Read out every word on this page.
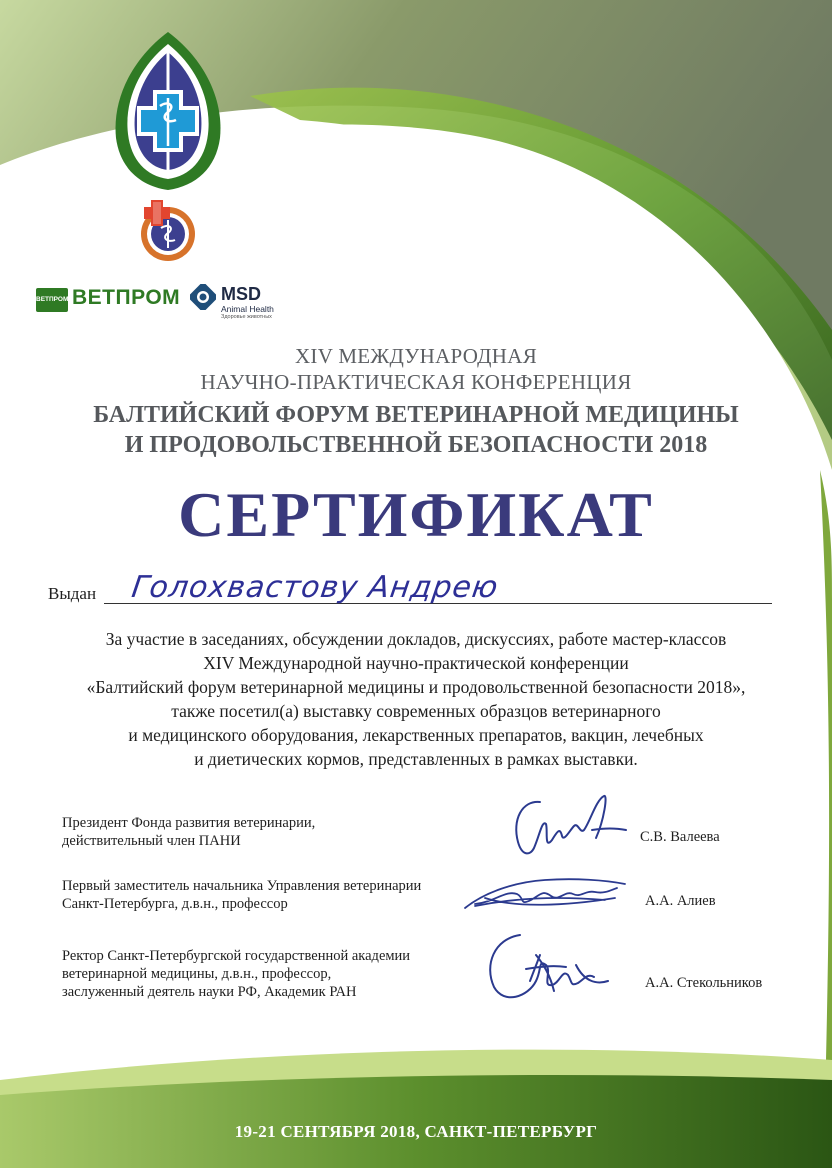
ВЕТПРОМ ВЕТПРОМ MSD
Animal Health
Здоровье животных
XIV МЕЖДУНАРОДНАЯ
НАУЧНО-ПРАКТИЧЕСКАЯ КОНФЕРЕНЦИЯ
БАЛТИЙСКИЙ ФОРУМ ВЕТЕРИНАРНОЙ МЕДИЦИНЫ
И ПРОДОВОЛЬСТВЕННОЙ БЕЗОПАСНОСТИ 2018
СЕРТИФИКАТ
Выдан Голохвастову Андрею
За участие в заседаниях, обсуждении докладов, дискуссиях, работе мастер-классов
XIV Международной научно-практической конференции
«Балтийский форум ветеринарной медицины и продовольственной безопасности 2018»,
также посетил(а) выставку современных образцов ветеринарного
и медицинского оборудования, лекарственных препаратов, вакцин, лечебных
и диетических кормов, представленных в рамках выставки.
Президент Фонда развития ветеринарии,
действительный член ПАНИ	С.В. Валеева
Первый заместитель начальника Управления ветеринарии
Санкт-Петербурга, д.в.н., профессор	А.А. Алиев
Ректор Санкт-Петербургской государственной академии
ветеринарной медицины, д.в.н., профессор,
заслуженный деятель науки РФ, Академик РАН
А.А. Стекольников
19-21 СЕНТЯБРЯ 2018, САНКТ-ПЕТЕРБУРГ
